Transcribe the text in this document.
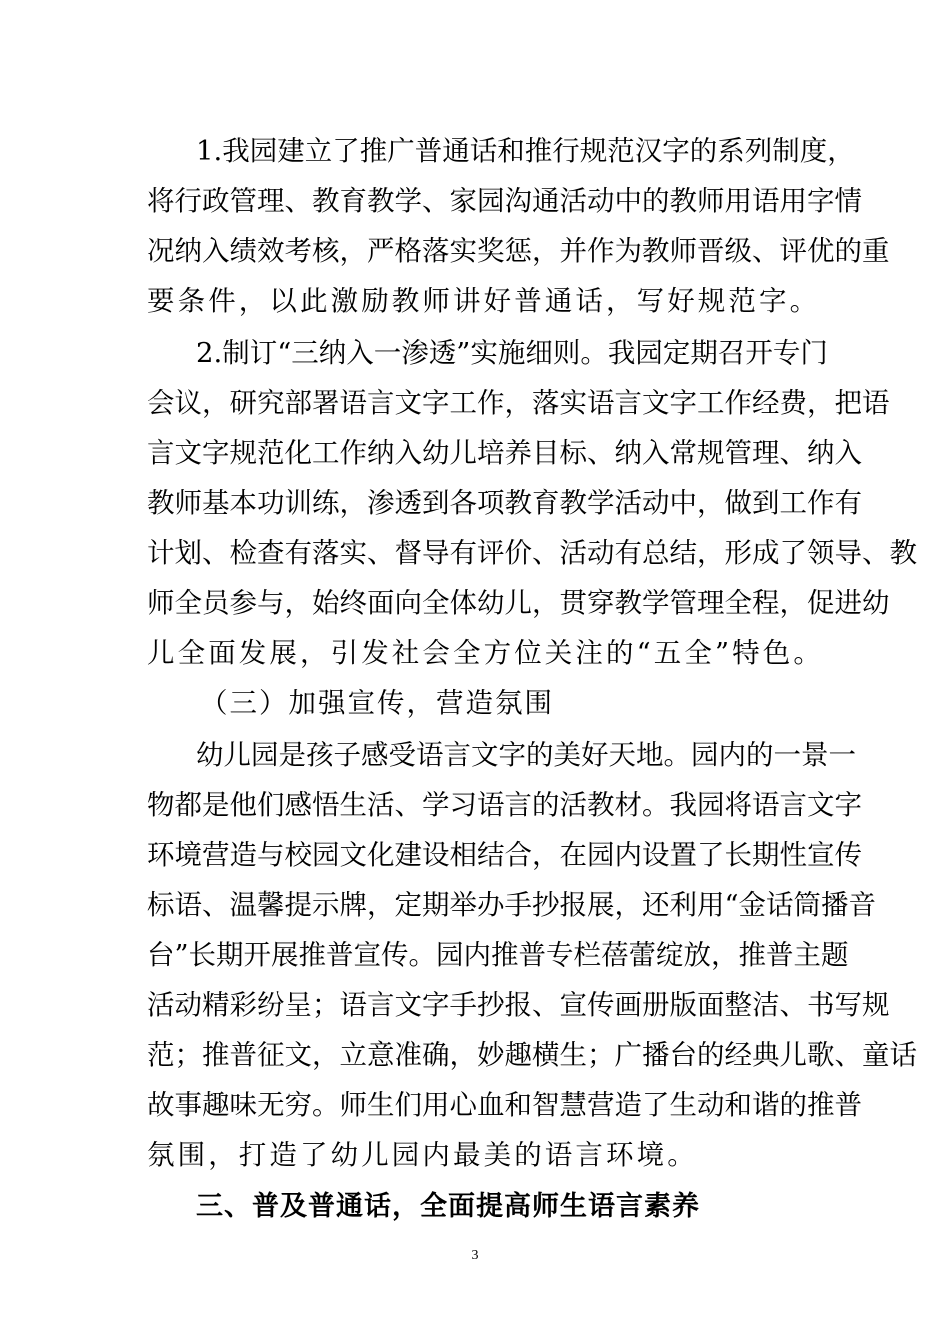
1.我园建立了推广普通话和推行规范汉字的系列制度，
将行政管理、教育教学、家园沟通活动中的教师用语用字情
况纳入绩效考核，严格落实奖惩，并作为教师晋级、评优的重
要条件，以此激励教师讲好普通话，写好规范字。
2.制订“三纳入一渗透”实施细则。我园定期召开专门
会议，研究部署语言文字工作，落实语言文字工作经费，把语
言文字规范化工作纳入幼儿培养目标、纳入常规管理、纳入
教师基本功训练，渗透到各项教育教学活动中，做到工作有
计划、检查有落实、督导有评价、活动有总结，形成了领导、教
师全员参与，始终面向全体幼儿，贯穿教学管理全程，促进幼
儿全面发展，引发社会全方位关注的“五全”特色。
（三）加强宣传，营造氛围
幼儿园是孩子感受语言文字的美好天地。园内的一景一
物都是他们感悟生活、学习语言的活教材。我园将语言文字
环境营造与校园文化建设相结合，在园内设置了长期性宣传
标语、温馨提示牌，定期举办手抄报展，还利用“金话筒播音
台”长期开展推普宣传。园内推普专栏蓓蕾绽放，推普主题
活动精彩纷呈；语言文字手抄报、宣传画册版面整洁、书写规
范；推普征文，立意准确，妙趣横生；广播台的经典儿歌、童话
故事趣味无穷。师生们用心血和智慧营造了生动和谐的推普
氛围，打造了幼儿园内最美的语言环境。
三、普及普通话，全面提高师生语言素养
3
